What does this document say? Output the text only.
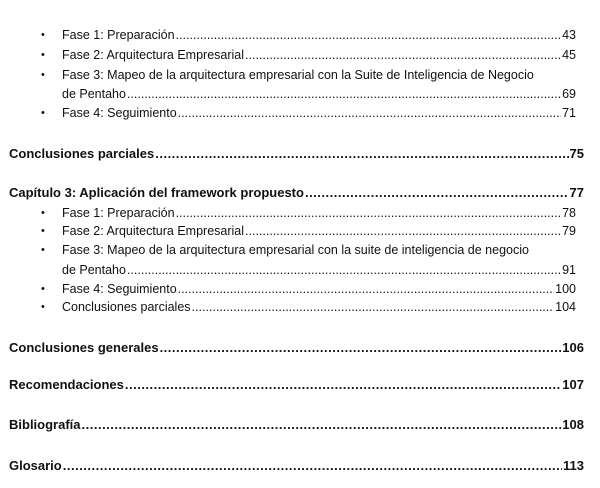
• Fase 1: Preparación .....	43
• Fase 2: Arquitectura Empresarial .....	45
• Fase 3: Mapeo de la arquitectura empresarial con la Suite de Inteligencia de Negocio
de Pentaho .....	69
• Fase 4: Seguimiento .....	71
Conclusiones parciales .....	75
Capítulo 3: Aplicación del framework propuesto .....	77
• Fase 1: Preparación .....	78
• Fase 2: Arquitectura Empresarial .....	79
• Fase 3: Mapeo de la arquitectura empresarial con la suite de inteligencia de negocio
de Pentaho .....	91
• Fase 4: Seguimiento .....	100
• Conclusiones parciales .....	104
Conclusiones generales .....	106
Recomendaciones .....	107
Bibliografía .....	108
Glosario .....	113
